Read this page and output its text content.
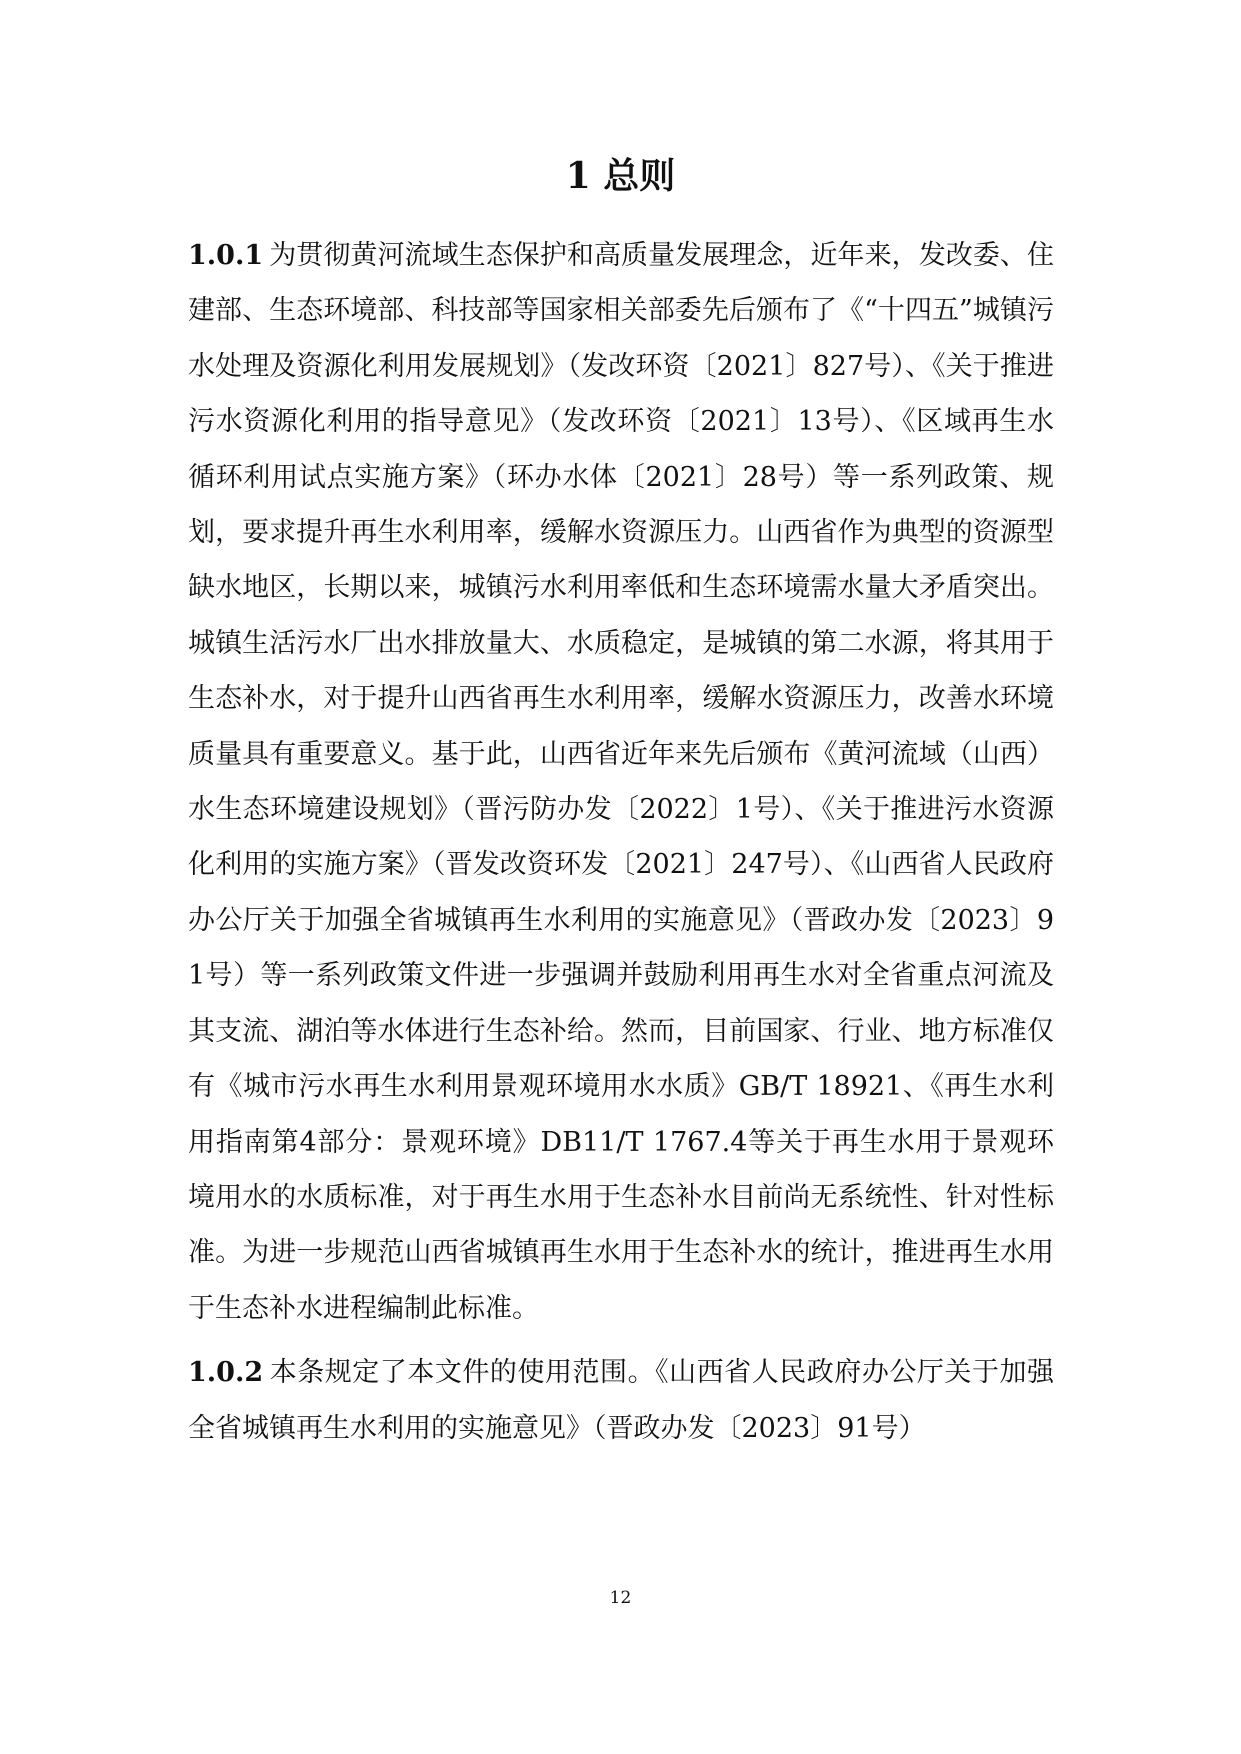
1 总则

1.0.1 为贯彻黄河流域生态保护和高质量发展理念，近年来，发改委、住建部、生态环境部、科技部等国家相关部委先后颁布了《“十四五”城镇污水处理及资源化利用发展规划》（发改环资〔2021〕827号）、《关于推进污水资源化利用的指导意见》（发改环资〔2021〕13号）、《区域再生水循环利用试点实施方案》（环办水体〔2021〕28号）等一系列政策、规划，要求提升再生水利用率，缓解水资源压力。山西省作为典型的资源型缺水地区，长期以来，城镇污水利用率低和生态环境需水量大矛盾突出。城镇生活污水厂出水排放量大、水质稳定，是城镇的第二水源，将其用于生态补水，对于提升山西省再生水利用率，缓解水资源压力，改善水环境质量具有重要意义。基于此，山西省近年来先后颁布《黄河流域（山西）水生态环境建设规划》（晋污防办发〔2022〕1号）、《关于推进污水资源化利用的实施方案》（晋发改资环发〔2021〕247号）、《山西省人民政府办公厅关于加强全省城镇再生水利用的实施意见》（晋政办发〔2023〕91号）等一系列政策文件进一步强调并鼓励利用再生水对全省重点河流及其支流、湖泊等水体进行生态补给。然而，目前国家、行业、地方标准仅有《城市污水再生水利用景观环境用水水质》GB/T 18921、《再生水利用指南第4部分：景观环境》DB11/T 1767.4等关于再生水用于景观环境用水的水质标准，对于再生水用于生态补水目前尚无系统性、针对性标准。为进一步规范山西省城镇再生水用于生态补水的统计，推进再生水用于生态补水进程编制此标准。

1.0.2 本条规定了本文件的使用范围。《山西省人民政府办公厅关于加强全省城镇再生水利用的实施意见》（晋政办发〔2023〕91号）

12
